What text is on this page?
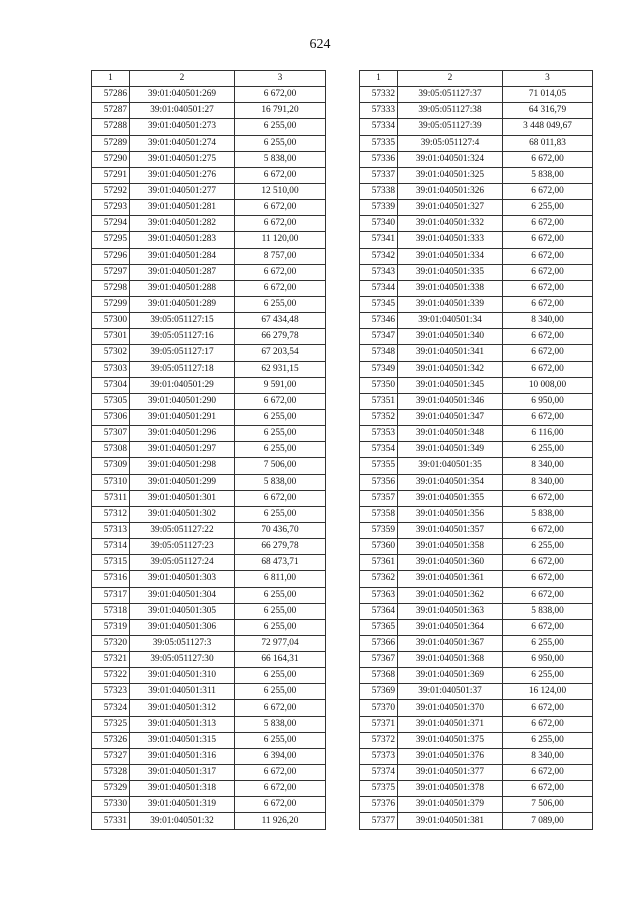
624
1	2	3
57286	39:01:040501:269	6 672,00
57287	39:01:040501:27	16 791,20
57288	39:01:040501:273	6 255,00
57289	39:01:040501:274	6 255,00
57290	39:01:040501:275	5 838,00
57291	39:01:040501:276	6 672,00
57292	39:01:040501:277	12 510,00
57293	39:01:040501:281	6 672,00
57294	39:01:040501:282	6 672,00
57295	39:01:040501:283	11 120,00
57296	39:01:040501:284	8 757,00
57297	39:01:040501:287	6 672,00
57298	39:01:040501:288	6 672,00
57299	39:01:040501:289	6 255,00
57300	39:05:051127:15	67 434,48
57301	39:05:051127:16	66 279,78
57302	39:05:051127:17	67 203,54
57303	39:05:051127:18	62 931,15
57304	39:01:040501:29	9 591,00
57305	39:01:040501:290	6 672,00
57306	39:01:040501:291	6 255,00
57307	39:01:040501:296	6 255,00
57308	39:01:040501:297	6 255,00
57309	39:01:040501:298	7 506,00
57310	39:01:040501:299	5 838,00
57311	39:01:040501:301	6 672,00
57312	39:01:040501:302	6 255,00
57313	39:05:051127:22	70 436,70
57314	39:05:051127:23	66 279,78
57315	39:05:051127:24	68 473,71
57316	39:01:040501:303	6 811,00
57317	39:01:040501:304	6 255,00
57318	39:01:040501:305	6 255,00
57319	39:01:040501:306	6 255,00
57320	39:05:051127:3	72 977,04
57321	39:05:051127:30	66 164,31
57322	39:01:040501:310	6 255,00
57323	39:01:040501:311	6 255,00
57324	39:01:040501:312	6 672,00
57325	39:01:040501:313	5 838,00
57326	39:01:040501:315	6 255,00
57327	39:01:040501:316	6 394,00
57328	39:01:040501:317	6 672,00
57329	39:01:040501:318	6 672,00
57330	39:01:040501:319	6 672,00
57331	39:01:040501:32	11 926,20
1	2	3
57332	39:05:051127:37	71 014,05
57333	39:05:051127:38	64 316,79
57334	39:05:051127:39	3 448 049,67
57335	39:05:051127:4	68 011,83
57336	39:01:040501:324	6 672,00
57337	39:01:040501:325	5 838,00
57338	39:01:040501:326	6 672,00
57339	39:01:040501:327	6 255,00
57340	39:01:040501:332	6 672,00
57341	39:01:040501:333	6 672,00
57342	39:01:040501:334	6 672,00
57343	39:01:040501:335	6 672,00
57344	39:01:040501:338	6 672,00
57345	39:01:040501:339	6 672,00
57346	39:01:040501:34	8 340,00
57347	39:01:040501:340	6 672,00
57348	39:01:040501:341	6 672,00
57349	39:01:040501:342	6 672,00
57350	39:01:040501:345	10 008,00
57351	39:01:040501:346	6 950,00
57352	39:01:040501:347	6 672,00
57353	39:01:040501:348	6 116,00
57354	39:01:040501:349	6 255,00
57355	39:01:040501:35	8 340,00
57356	39:01:040501:354	8 340,00
57357	39:01:040501:355	6 672,00
57358	39:01:040501:356	5 838,00
57359	39:01:040501:357	6 672,00
57360	39:01:040501:358	6 255,00
57361	39:01:040501:360	6 672,00
57362	39:01:040501:361	6 672,00
57363	39:01:040501:362	6 672,00
57364	39:01:040501:363	5 838,00
57365	39:01:040501:364	6 672,00
57366	39:01:040501:367	6 255,00
57367	39:01:040501:368	6 950,00
57368	39:01:040501:369	6 255,00
57369	39:01:040501:37	16 124,00
57370	39:01:040501:370	6 672,00
57371	39:01:040501:371	6 672,00
57372	39:01:040501:375	6 255,00
57373	39:01:040501:376	8 340,00
57374	39:01:040501:377	6 672,00
57375	39:01:040501:378	6 672,00
57376	39:01:040501:379	7 506,00
57377	39:01:040501:381	7 089,00
